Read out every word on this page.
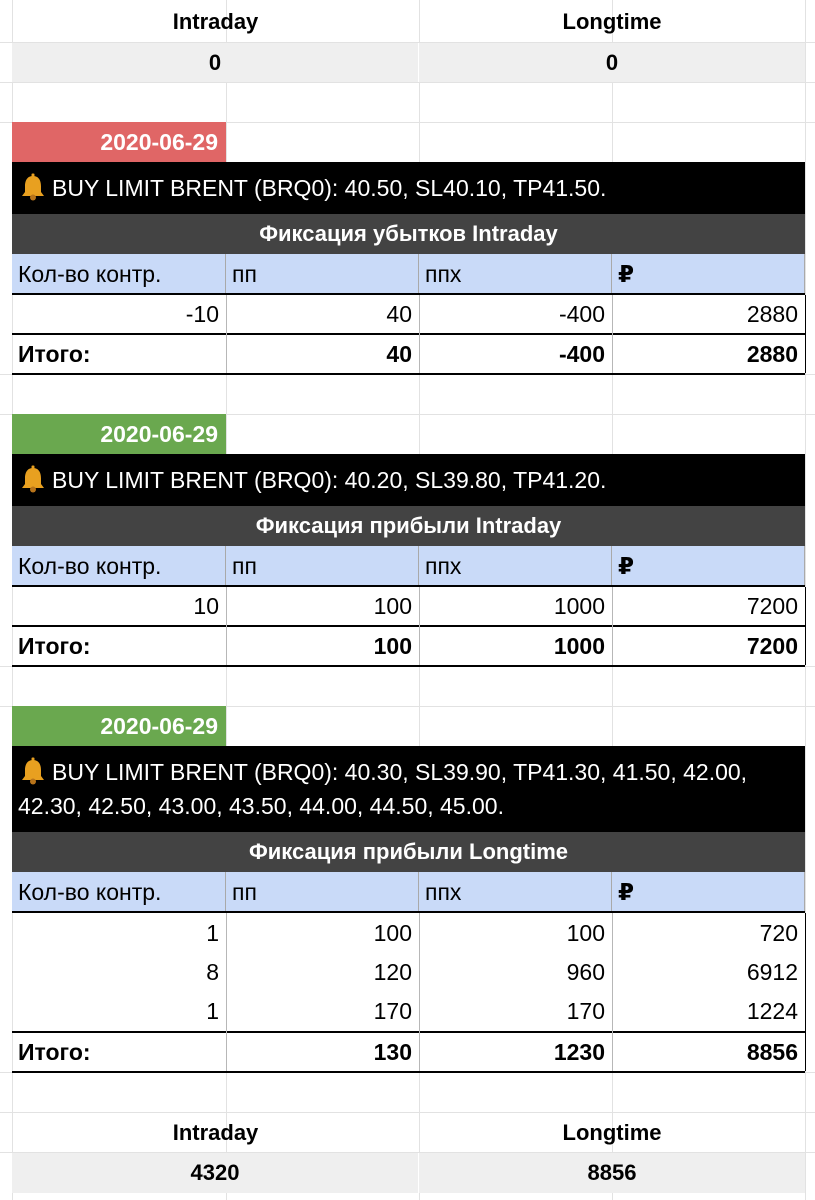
Intraday	Longtime
0	0
2020-06-29
BUY LIMIT BRENT (BRQ0): 40.50, SL40.10, TP41.50.
Фиксация убытков Intraday
Кол-во контр.	пп	ппх	₽
-10	40	-400	2880
Итого:	40	-400	2880
2020-06-29
BUY LIMIT BRENT (BRQ0): 40.20, SL39.80, TP41.20.
Фиксация прибыли Intraday
Кол-во контр.	пп	ппх	₽
10	100	1000	7200
Итого:	100	1000	7200
2020-06-29
BUY LIMIT BRENT (BRQ0): 40.30, SL39.90, TP41.30, 41.50, 42.00, 42.30, 42.50, 43.00, 43.50, 44.00, 44.50, 45.00.
Фиксация прибыли Longtime
Кол-во контр.	пп	ппх	₽
1	100	100	720
8	120	960	6912
1	170	170	1224
Итого:	130	1230	8856
Intraday	Longtime
4320	8856
